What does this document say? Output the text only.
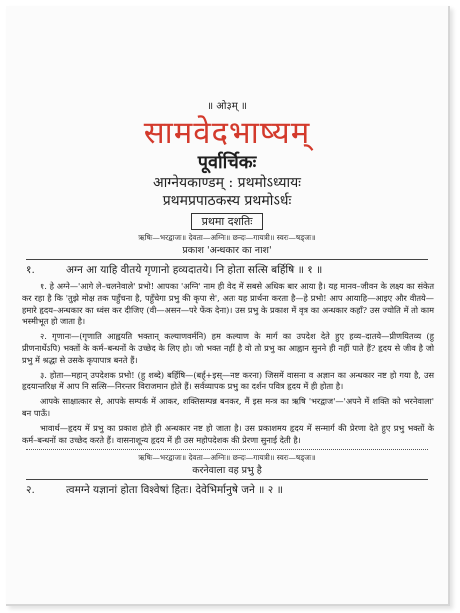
॥ ओ३म् ॥
सामवेदभाष्यम्
पूर्वार्चिकः
आग्नेयकाण्डम् : प्रथमोऽध्यायः
प्रथमप्रपाठकस्य प्रथमोऽर्धः
प्रथमा दशतिः
ऋषिः—भरद्वाजः॥ देवता—अग्निः॥ छन्दः—गायत्री॥ स्वरः—षड्जः॥
प्रकाश 'अन्धकार का नाश'
१.	अग्न आ याहि वीतये गृणानो हव्यदातये। नि होता सत्सि बर्हिषि ॥ १ ॥

१. हे अग्ने—'आगे ले–चलनेवाले' प्रभो! आपका 'अग्नि' नाम ही वेद में सबसे अधिक बार आया है। यह मानव–जीवन के लक्ष्य का संकेत कर रहा है कि 'तुझे मोक्ष तक पहुँचना है, पहुँचेगा प्रभु की कृपा से', अतः यह प्रार्थना करता है—हे प्रभो! आप आयाहि—आइए और वीतये—हमारे हृदय–अन्धकार का ध्वंस कर दीजिए (वी—असन—परे फेंक देना)। उस प्रभु के प्रकाश में वृत्र का अन्धकार कहाँ? उस ज्योति में तो काम भस्मीभूत हो जाता है।

२. गृणानः—(गृणाति आह्वयति भक्तान् कल्याणवर्मनि) हम कल्याण के मार्ग का उपदेश देते हुए हव्य–दातये—प्रीणयितव्य (हु प्रीणनार्थेऽपि) भक्तों के कर्म–बन्धनों के उच्छेद के लिए हो। जो भक्त नहीं है वो तो प्रभु का आह्वान सुनने ही नहीं पाते हैं? हृदय से जीव है जो प्रभु में श्रद्धा से उसके कृपापात्र बनते हैं।

३. होता—महान् उपदेशक प्रभो! (हु शब्दे) बर्हिषि—(बर्ह्+इस्—नष्ट करना) जिसमें वासना व अज्ञान का अन्धकार नष्ट हो गया है, उस हृदयान्तरिक्ष में आप नि सत्सि—निरन्तर विराजमान होते हैं। सर्वव्यापक प्रभु का दर्शन पवित्र हृदय में ही होता है।

आपके साक्षात्कार से, आपके सम्पर्क में आकर, शक्तिसम्पन्न बनकर, मैं इस मन्त्र का ऋषि 'भरद्वाज'—'अपने में शक्ति को भरनेवाला' बन पाऊँ।

भावार्थ—हृदय में प्रभु का प्रकाश होते ही अन्धकार नष्ट हो जाता है। उस प्रकाशमय हृदय में सन्मार्ग की प्रेरणा देते हुए प्रभु भक्तों के कर्म–बन्धनों का उच्छेद करते हैं। वासनाशून्य हृदय में ही उस महोपदेशक की प्रेरणा सुनाई देती है।

ऋषिः—भरद्वाजः॥ देवता—अग्निः॥ छन्दः—गायत्री॥ स्वरः—षड्जः॥
करनेवाला वह प्रभु है
२.	त्वमग्ने यज्ञानां होता विश्वेषां हितः। देवेभिर्मानुषे जने ॥ २ ॥
